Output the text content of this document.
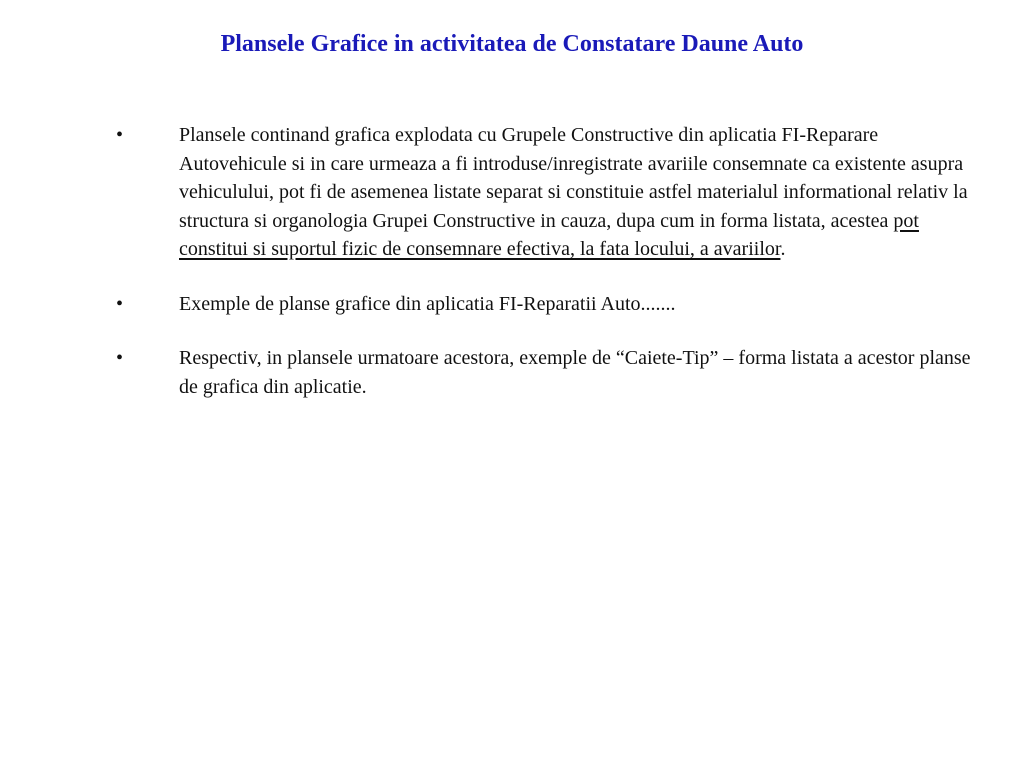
Plansele Grafice in activitatea de Constatare Daune Auto
•	Plansele continand grafica explodata cu Grupele Constructive din aplicatia FI-Reparare Autovehicule si in care urmeaza a fi introduse/inregistrate avariile consemnate ca existente asupra vehiculului, pot fi de asemenea listate separat si constituie astfel materialul informational relativ la structura si organologia Grupei Constructive in cauza, dupa cum in forma listata, acestea pot constitui si suportul fizic de consemnare efectiva, la fata locului, a avariilor.
•	Exemple de planse grafice din aplicatia FI-Reparatii Auto.......
•	Respectiv, in plansele urmatoare acestora, exemple de “Caiete-Tip” – forma listata a acestor planse de grafica din aplicatie.
